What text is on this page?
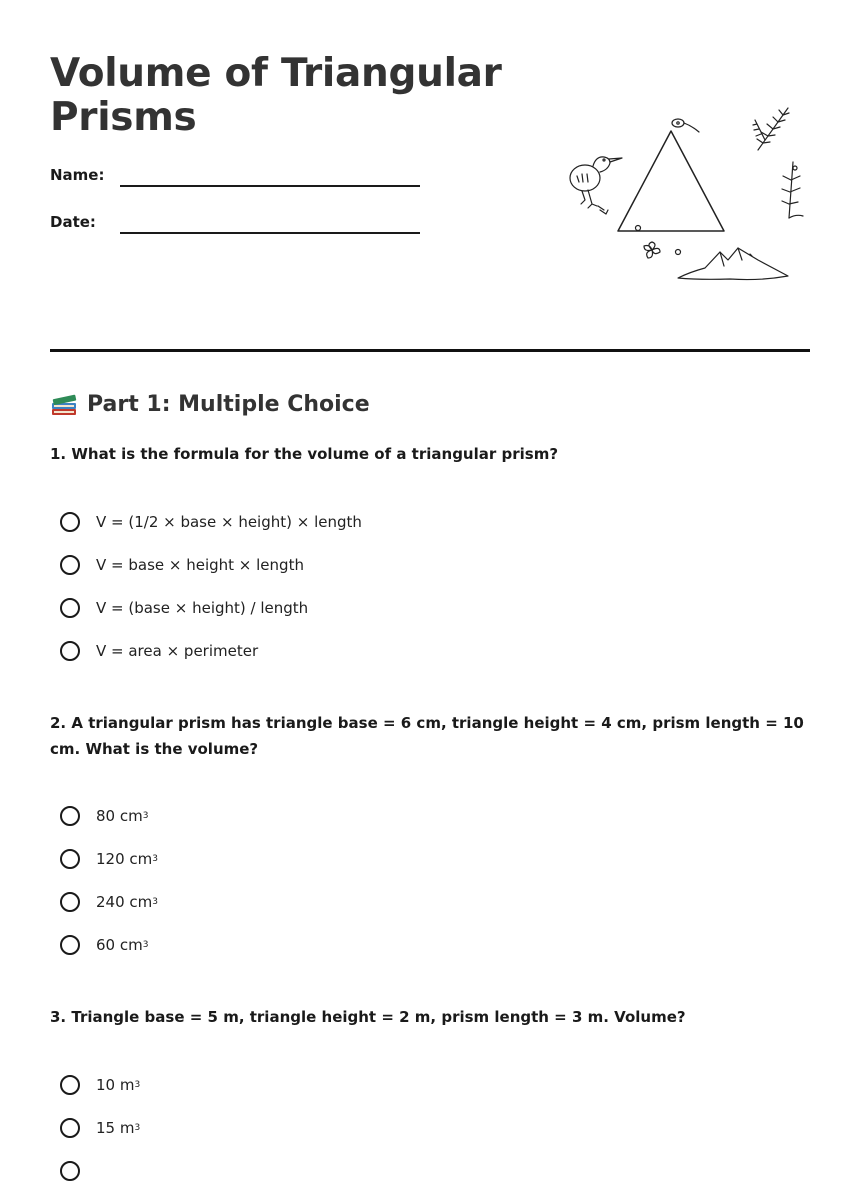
Volume of Triangular Prisms
Name:
Date:
Part 1: Multiple Choice
1. What is the formula for the volume of a triangular prism?
V = (1/2 × base × height) × length
V = base × height × length
V = (base × height) / length
V = area × perimeter
2. A triangular prism has triangle base = 6 cm, triangle height = 4 cm, prism length = 10 cm. What is the volume?
80 cm 3
120 cm 3
240 cm 3
60 cm 3
3. Triangle base = 5 m, triangle height = 2 m, prism length = 3 m. Volume?
10 m 3
15 m 3
